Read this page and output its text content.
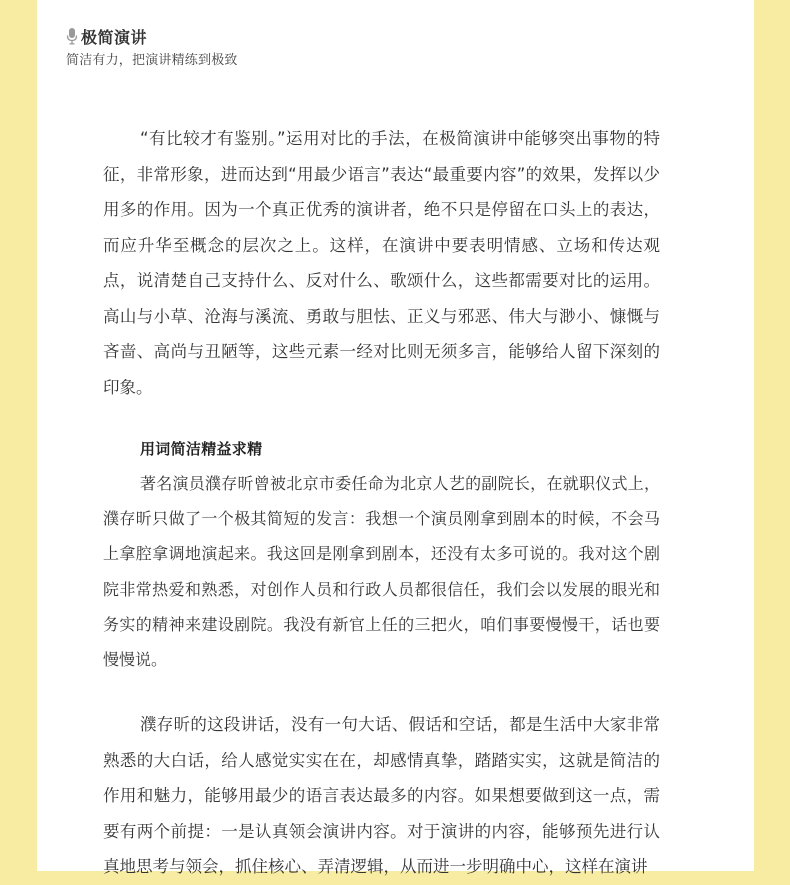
极简演讲
简洁有力，把演讲精练到极致

“有比较才有鉴别。”运用对比的手法，在极简演讲中能够突出事物的特征，非常形象，进而达到“用最少语言”表达“最重要内容”的效果，发挥以少用多的作用。因为一个真正优秀的演讲者，绝不只是停留在口头上的表达，而应升华至概念的层次之上。这样，在演讲中要表明情感、立场和传达观点，说清楚自己支持什么、反对什么、歌颂什么，这些都需要对比的运用。高山与小草、沧海与溪流、勇敢与胆怯、正义与邪恶、伟大与渺小、慷慨与吝啬、高尚与丑陋等，这些元素一经对比则无须多言，能够给人留下深刻的印象。

用词简洁精益求精

著名演员濮存昕曾被北京市委任命为北京人艺的副院长，在就职仪式上，濮存昕只做了一个极其简短的发言：我想一个演员刚拿到剧本的时候，不会马上拿腔拿调地演起来。我这回是刚拿到剧本，还没有太多可说的。我对这个剧院非常热爱和熟悉，对创作人员和行政人员都很信任，我们会以发展的眼光和务实的精神来建设剧院。我没有新官上任的三把火，咱们事要慢慢干，话也要慢慢说。

濮存昕的这段讲话，没有一句大话、假话和空话，都是生活中大家非常熟悉的大白话，给人感觉实实在在，却感情真挚，踏踏实实，这就是简洁的作用和魅力，能够用最少的语言表达最多的内容。如果想要做到这一点，需要有两个前提：一是认真领会演讲内容。对于演讲的内容，能够预先进行认真地思考与领会，抓住核心、弄清逻辑，从而进一步明确中心，这样在演讲
